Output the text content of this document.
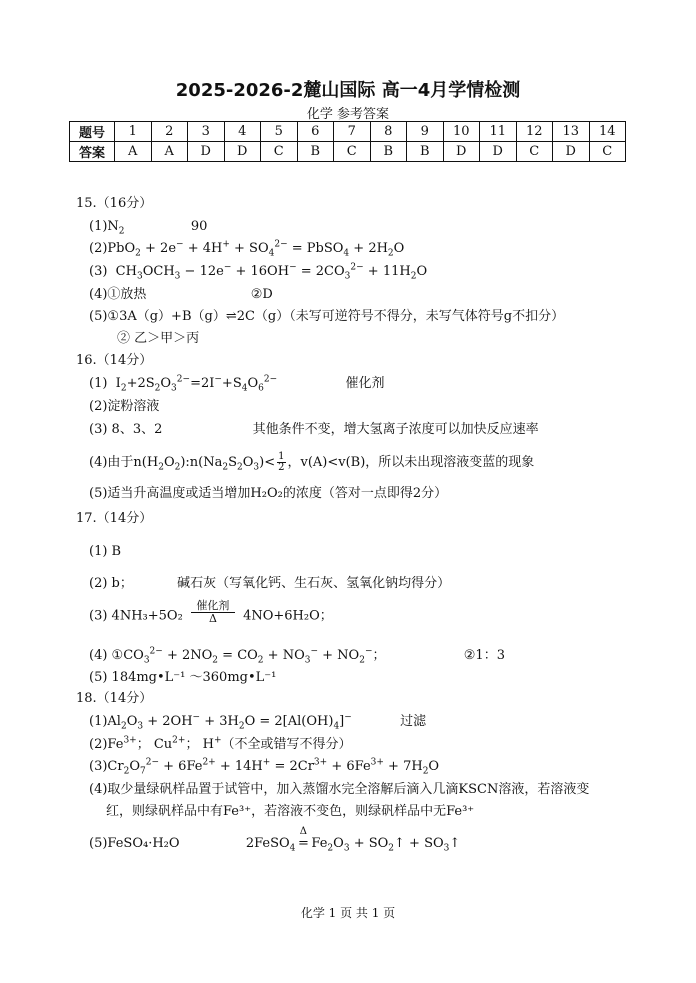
2025-2026-2麓山国际 高一4月学情检测
化学 参考答案
题号	1	2	3	4	5	6	7	8	9	10	11	12	13	14
答案	A	A	D	D	C	B	C	B	B	D	D	C	D	C
15.（16分）
$(1)N_2$	90
$(2)PbO_2 + 2e^- + 4H^+ + SO_4^{2-}$ = PbSO$_4$ + $2H_2O$
(3)  $CH_3OCH_3 - 12e^- + 16OH^- = 2CO_3^{2-} + 11H_2O$
(4)①放热	②D
(5)①3A（g）+B（g）⇌2C（g）（未写可逆符号不得分，未写气体符号g不扣分）
② 乙＞甲＞丙
16.（14分）
(1)  $I_2+2S_2O_3^{2-}=2I^-+S_4O_6^{2-}$	催化剂
(2)淀粉溶液
(3) 8、3、2	其他条件不变，增大氢离子浓度可以加快反应速率
(4)由于$n(H_2O_2):n(Na_2S_2O_3)< \frac{1}{2}$ ，v(A)<v(B)，所以未出现溶液变蓝的现象
(5)适当升高温度或适当增加H₂O₂的浓度（答对一点即得2分）
17.（14分）
(1) B
(2) b；	碱石灰（写氧化钙、生石灰、氢氧化钠均得分）
(3) 4NH₃+5O₂
催化剂
Δ	4NO+6H₂O；
(4) $①CO_3^{2-} + 2NO_2 = CO_2 + NO_3^- + NO_2^-$；	②1：3
(5) 184mg•L⁻¹ ～360mg•L⁻¹
18.（14分）
$(1)Al_2O_3 + 2OH^- + 3H_2O = 2[Al(OH)_4]^-$	过滤
$(2)Fe^{3+}$； $Cu^{2+}$； H+（不全或错写不得分）
$(3)Cr_2O_7^{2-} + 6Fe^{2+} + 14H^+ = 2Cr^{3+} + 6Fe^{3+} + 7H_2O$
(4)取少量绿矾样品置于试管中，加入蒸馏水完全溶解后滴入几滴KSCN溶液，若溶液变
红，则绿矾样品中有Fe³⁺，若溶液不变色，则绿矾样品中无Fe³⁺
(5)FeSO₄·H₂O	2FeSO$_4$
Δ
= $Fe_2O_3$ + $SO_2↑$ + $SO_3↑$
化学 1 页 共 1 页
